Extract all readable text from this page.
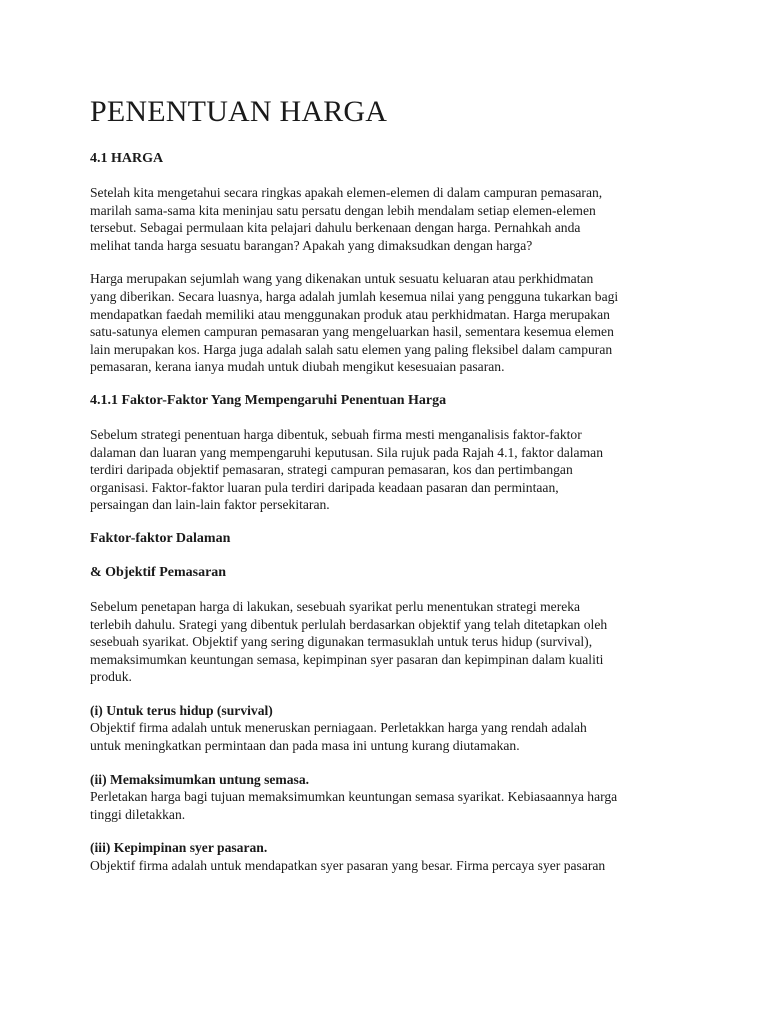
PENENTUAN HARGA
4.1 HARGA

Setelah kita mengetahui secara ringkas apakah elemen-elemen di dalam campuran pemasaran,
marilah sama-sama kita meninjau satu persatu dengan lebih mendalam setiap elemen-elemen
tersebut. Sebagai permulaan kita pelajari dahulu berkenaan dengan harga. Pernahkah anda
melihat tanda harga sesuatu barangan? Apakah yang dimaksudkan dengan harga?

Harga merupakan sejumlah wang yang dikenakan untuk sesuatu keluaran atau perkhidmatan
yang diberikan. Secara luasnya, harga adalah jumlah kesemua nilai yang pengguna tukarkan bagi
mendapatkan faedah memiliki atau menggunakan produk atau perkhidmatan. Harga merupakan
satu-satunya elemen campuran pemasaran yang mengeluarkan hasil, sementara kesemua elemen
lain merupakan kos. Harga juga adalah salah satu elemen yang paling fleksibel dalam campuran
pemasaran, kerana ianya mudah untuk diubah mengikut kesesuaian pasaran.

4.1.1 Faktor-Faktor Yang Mempengaruhi Penentuan Harga

Sebelum strategi penentuan harga dibentuk, sebuah firma mesti menganalisis faktor-faktor
dalaman dan luaran yang mempengaruhi keputusan. Sila rujuk pada Rajah 4.1, faktor dalaman
terdiri daripada objektif pemasaran, strategi campuran pemasaran, kos dan pertimbangan
organisasi. Faktor-faktor luaran pula terdiri daripada keadaan pasaran dan permintaan,
persaingan dan lain-lain faktor persekitaran.

Faktor-faktor Dalaman
& Objektif Pemasaran

Sebelum penetapan harga di lakukan, sesebuah syarikat perlu menentukan strategi mereka
terlebih dahulu. Srategi yang dibentuk perlulah berdasarkan objektif yang telah ditetapkan oleh
sesebuah syarikat. Objektif yang sering digunakan termasuklah untuk terus hidup (survival),
memaksimumkan keuntungan semasa, kepimpinan syer pasaran dan kepimpinan dalam kualiti
produk.

(i) Untuk terus hidup (survival)
Objektif firma adalah untuk meneruskan perniagaan. Perletakkan harga yang rendah adalah
untuk meningkatkan permintaan dan pada masa ini untung kurang diutamakan.
(ii) Memaksimumkan untung semasa.
Perletakan harga bagi tujuan memaksimumkan keuntungan semasa syarikat. Kebiasaannya harga
tinggi diletakkan.
(iii) Kepimpinan syer pasaran.
Objektif firma adalah untuk mendapatkan syer pasaran yang besar. Firma percaya syer pasaran
